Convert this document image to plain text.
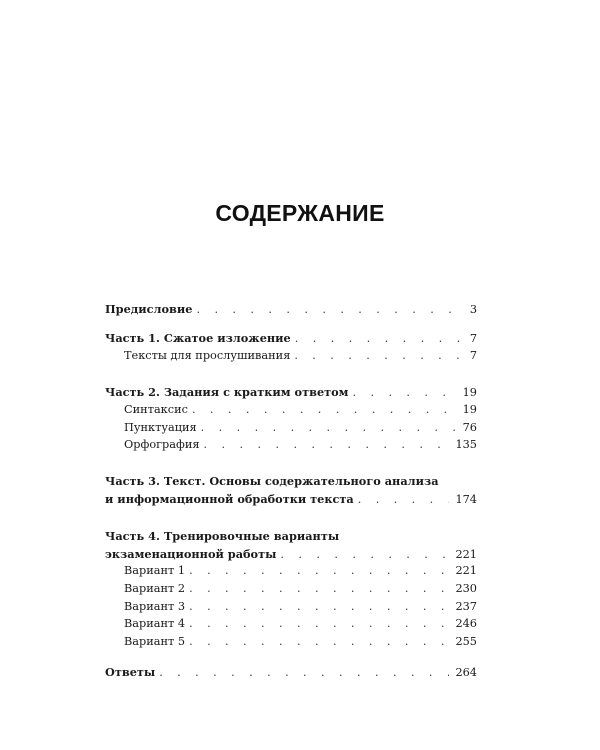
СОДЕРЖАНИЕ
Предисловие . . .	3
Часть 1. Сжатое изложение . . .	7
Тексты для прослушивания . . .	7
Часть 2. Задания с кратким ответом . . .	19
Синтаксис . . .	19
Пунктуация . . .	76
Орфография . . .	135
Часть 3. Текст. Основы содержательного анализа
и информационной обработки текста . . .	174
Часть 4. Тренировочные варианты
экзаменационной работы . . .	221
Вариант 1 . . .	221
Вариант 2 . . .	230
Вариант 3 . . .	237
Вариант 4 . . .	246
Вариант 5 . . .	255
Ответы . . .	264
